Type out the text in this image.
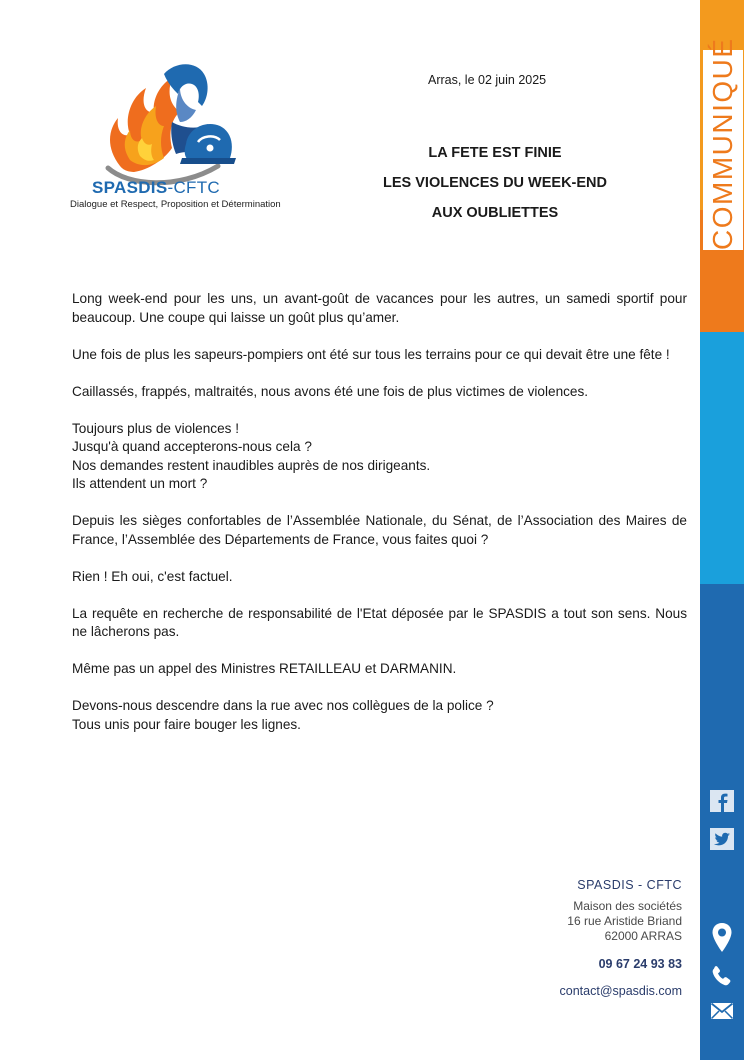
COMMUNIQUÉ
SPASDIS-CFTC
Dialogue et Respect, Proposition et Détermination
Arras, le 02 juin 2025
LA FETE EST FINIE
LES VIOLENCES DU WEEK-END
AUX OUBLIETTES

Long week-end pour les uns, un avant-goût de vacances pour les autres, un samedi sportif pour beaucoup. Une coupe qui laisse un goût plus qu’amer.

Une fois de plus les sapeurs-pompiers ont été sur tous les terrains pour ce qui devait être une fête !

Caillassés, frappés, maltraités, nous avons été une fois de plus victimes de violences.

Toujours plus de violences !
Jusqu'à quand accepterons-nous cela ?
Nos demandes restent inaudibles auprès de nos dirigeants.
Ils attendent un mort ?

Depuis les sièges confortables de l’Assemblée Nationale, du Sénat, de l’Association des Maires de France, l’Assemblée des Départements de France, vous faites quoi ?

Rien ! Eh oui, c'est factuel.

La requête en recherche de responsabilité de l'Etat déposée par le SPASDIS a tout son sens. Nous ne lâcherons pas.

Même pas un appel des Ministres RETAILLEAU et DARMANIN.

Devons-nous descendre dans la rue avec nos collègues de la police ?
Tous unis pour faire bouger les lignes.

SPASDIS - CFTC
Maison des sociétés
16 rue Aristide Briand
62000 ARRAS
09 67 24 93 83
contact@spasdis.com
